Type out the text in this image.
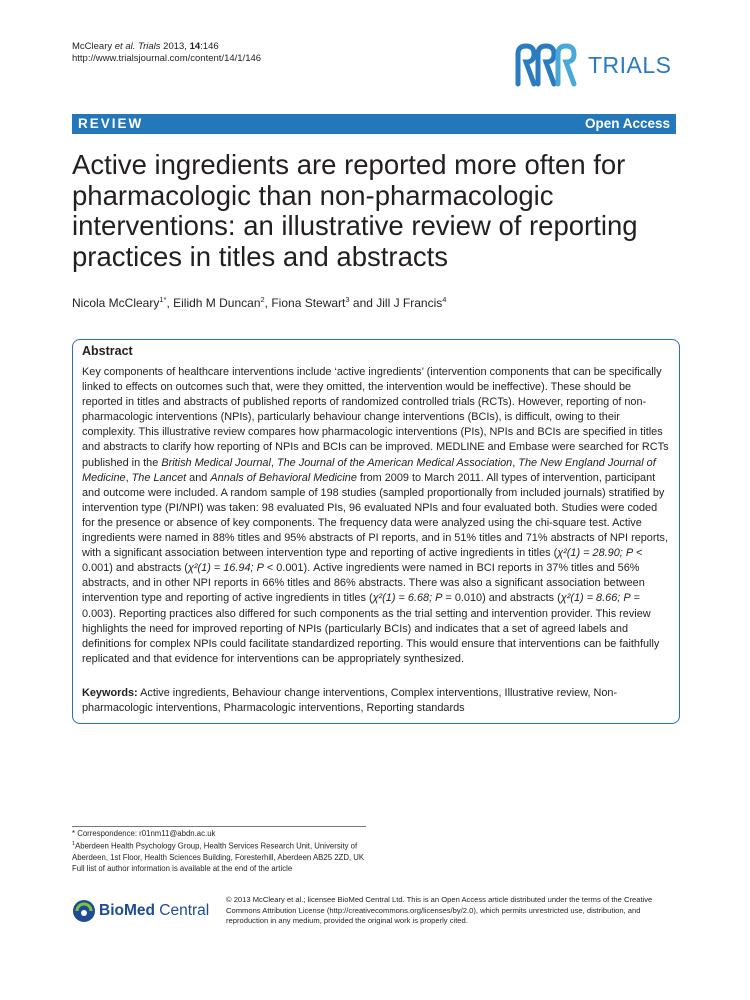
McCleary et al. Trials 2013, 14:146
http://www.trialsjournal.com/content/14/1/146	TRIALS
REVIEW	Open Access
Active ingredients are reported more often for pharmacologic than non-pharmacologic interventions: an illustrative review of reporting practices in titles and abstracts
Nicola McCleary$^{1*}$, Eilidh M Duncan$^2$, Fiona Stewart$^3$ and Jill J Francis$^4$
Abstract
Key components of healthcare interventions include ‘active ingredients’ (intervention components that can be specifically linked to effects on outcomes such that, were they omitted, the intervention would be ineffective). These should be reported in titles and abstracts of published reports of randomized controlled trials (RCTs). However, reporting of non-pharmacologic interventions (NPIs), particularly behaviour change interventions (BCIs), is difficult, owing to their complexity. This illustrative review compares how pharmacologic interventions (PIs), NPIs and BCIs are specified in titles and abstracts to clarify how reporting of NPIs and BCIs can be improved. MEDLINE and Embase were searched for RCTs published in the British Medical Journal, The Journal of the American Medical Association, The New England Journal of Medicine, The Lancet and Annals of Behavioral Medicine from 2009 to March 2011. All types of intervention, participant and outcome were included. A random sample of 198 studies (sampled proportionally from included journals) stratified by intervention type (PI/NPI) was taken: 98 evaluated PIs, 96 evaluated NPIs and four evaluated both. Studies were coded for the presence or absence of key components. The frequency data were analyzed using the chi-square test. Active ingredients were named in 88% titles and 95% abstracts of PI reports, and in 51% titles and 71% abstracts of NPI reports, with a significant association between intervention type and reporting of active ingredients in titles (χ²(1) = 28.90; P < 0.001) and abstracts (χ²(1) = 16.94; P < 0.001). Active ingredients were named in BCI reports in 37% titles and 56% abstracts, and in other NPI reports in 66% titles and 86% abstracts. There was also a significant association between intervention type and reporting of active ingredients in titles (χ²(1) = 6.68; P = 0.010) and abstracts (χ²(1) = 8.66; P = 0.003). Reporting practices also differed for such components as the trial setting and intervention provider. This review highlights the need for improved reporting of NPIs (particularly BCIs) and indicates that a set of agreed labels and definitions for complex NPIs could facilitate standardized reporting. This would ensure that interventions can be faithfully replicated and that evidence for interventions can be appropriately synthesized.
Keywords: Active ingredients, Behaviour change interventions, Complex interventions, Illustrative review, Non-pharmacologic interventions, Pharmacologic interventions, Reporting standards
* Correspondence: r01nm11@abdn.ac.uk
$^1$Aberdeen Health Psychology Group, Health Services Research Unit, University of Aberdeen, 1st Floor, Health Sciences Building, Foresterhill, Aberdeen AB25 2ZD, UK
Full list of author information is available at the end of the article
BioMed Central
© 2013 McCleary et al.; licensee BioMed Central Ltd. This is an Open Access article distributed under the terms of the Creative Commons Attribution License (http://creativecommons.org/licenses/by/2.0), which permits unrestricted use, distribution, and reproduction in any medium, provided the original work is properly cited.
